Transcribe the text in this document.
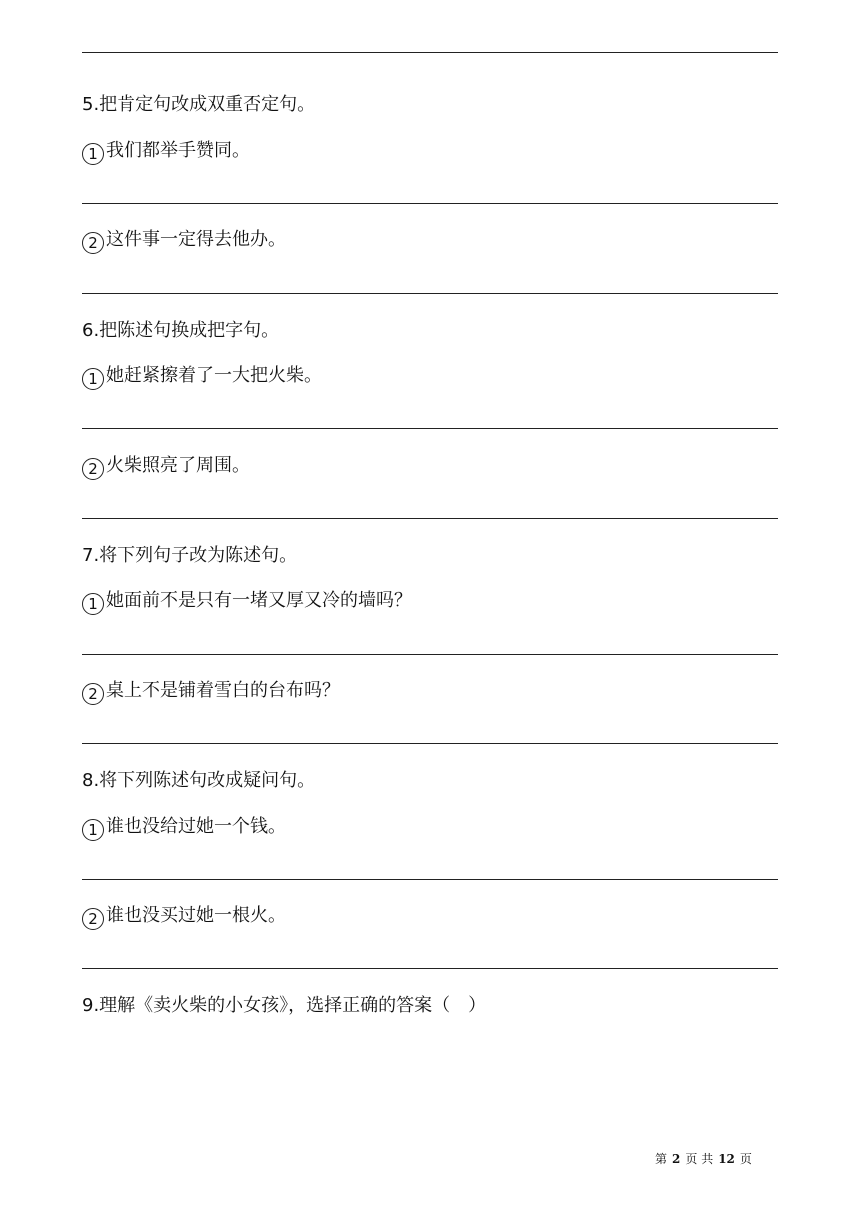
5.把肯定句改成双重否定句。
1 我们都举手赞同。
2 这件事一定得去他办。
6.把陈述句换成把字句。
1 她赶紧擦着了一大把火柴。
2 火柴照亮了周围。
7.将下列句子改为陈述句。
1 她面前不是只有一堵又厚又冷的墙吗？
2 桌上不是铺着雪白的台布吗？
8.将下列陈述句改成疑问句。
1 谁也没给过她一个钱。
2 谁也没买过她一根火。
9.理解《卖火柴的小女孩》，选择正确的答案（　）
第 2 页 共 12 页
